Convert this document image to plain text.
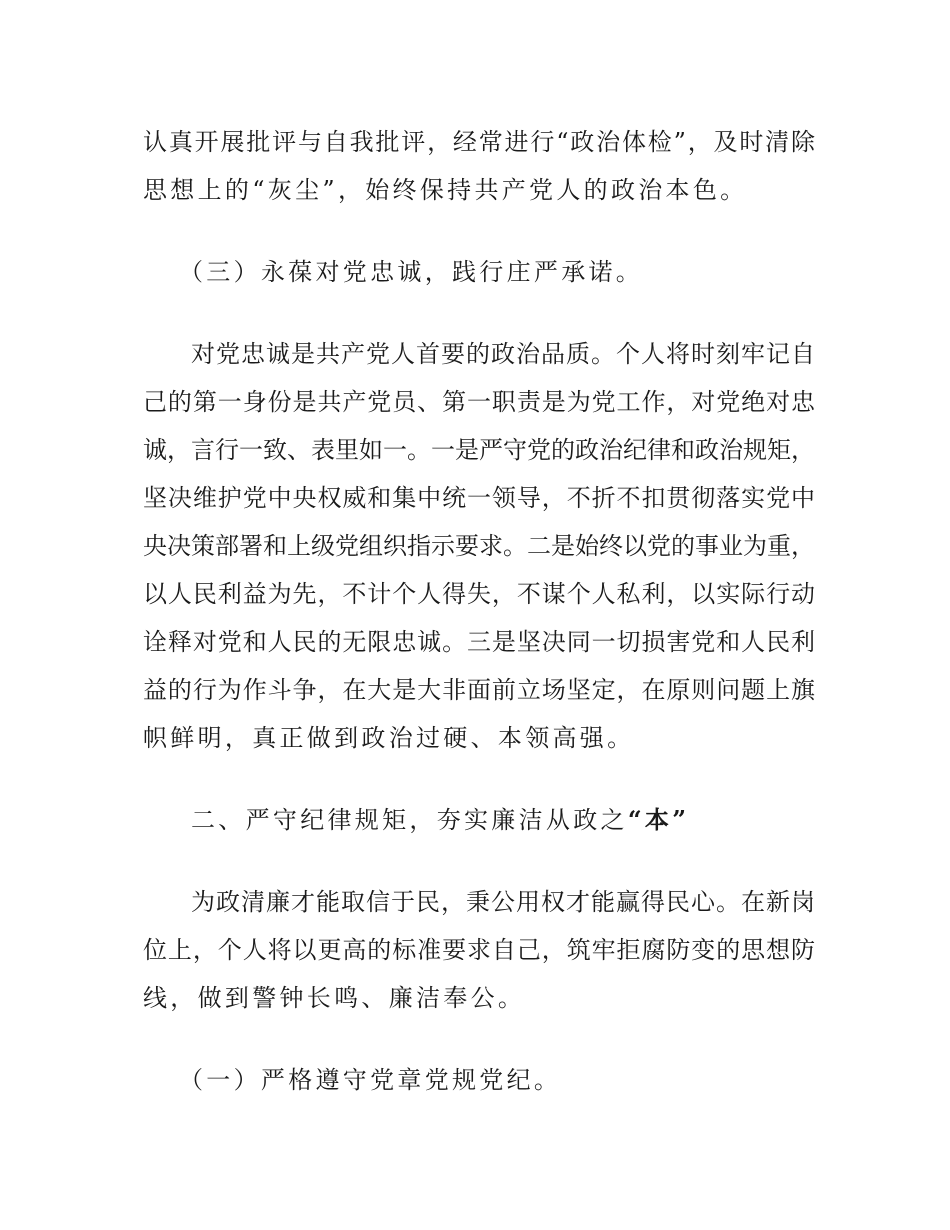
认真开展批评与自我批评，经常进行“政治体检”，及时清除
思想上的“灰尘”，始终保持共产党人的政治本色。
（三）永葆对党忠诚，践行庄严承诺。
对党忠诚是共产党人首要的政治品质。个人将时刻牢记自
己的第一身份是共产党员、第一职责是为党工作，对党绝对忠
诚，言行一致、表里如一。一是严守党的政治纪律和政治规矩，
坚决维护党中央权威和集中统一领导，不折不扣贯彻落实党中
央决策部署和上级党组织指示要求。二是始终以党的事业为重，
以人民利益为先，不计个人得失，不谋个人私利，以实际行动
诠释对党和人民的无限忠诚。三是坚决同一切损害党和人民利
益的行为作斗争，在大是大非面前立场坚定，在原则问题上旗
帜鲜明，真正做到政治过硬、本领高强。
二、严守纪律规矩，夯实廉洁从政之“本”
为政清廉才能取信于民，秉公用权才能赢得民心。在新岗
位上，个人将以更高的标准要求自己，筑牢拒腐防变的思想防
线，做到警钟长鸣、廉洁奉公。
（一）严格遵守党章党规党纪。
